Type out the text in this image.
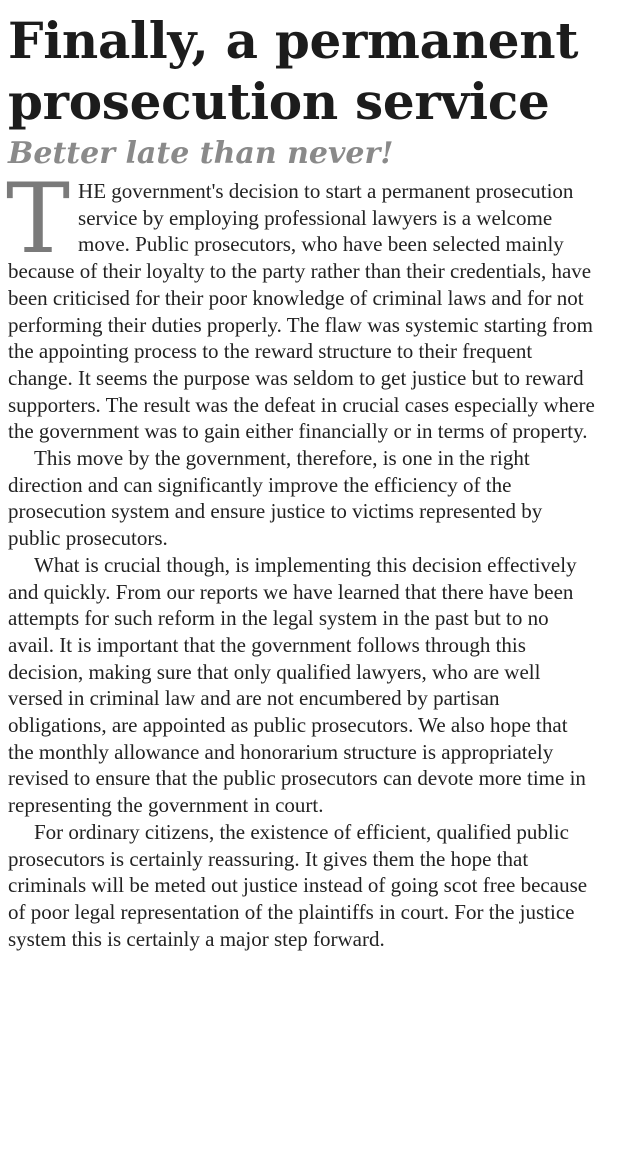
Finally, a permanent prosecution service
Better late than never!

THE government's decision to start a permanent prosecution service by employing professional lawyers is a welcome move. Public prosecutors, who have been selected mainly because of their loyalty to the party rather than their credentials, have been criticised for their poor knowledge of criminal laws and for not performing their duties properly. The flaw was systemic starting from the appointing process to the reward structure to their frequent change. It seems the purpose was seldom to get justice but to reward supporters. The result was the defeat in crucial cases especially where the government was to gain either financially or in terms of property.

This move by the government, therefore, is one in the right direction and can significantly improve the efficiency of the prosecution system and ensure justice to victims represented by public prosecutors.

What is crucial though, is implementing this decision effectively and quickly. From our reports we have learned that there have been attempts for such reform in the legal system in the past but to no avail. It is important that the government follows through this decision, making sure that only qualified lawyers, who are well versed in criminal law and are not encumbered by partisan obligations, are appointed as public prosecutors. We also hope that the monthly allowance and honorarium structure is appropriately revised to ensure that the public prosecutors can devote more time in representing the government in court.

For ordinary citizens, the existence of efficient, qualified public prosecutors is certainly reassuring. It gives them the hope that criminals will be meted out justice instead of going scot free because of poor legal representation of the plaintiffs in court. For the justice system this is certainly a major step forward.
